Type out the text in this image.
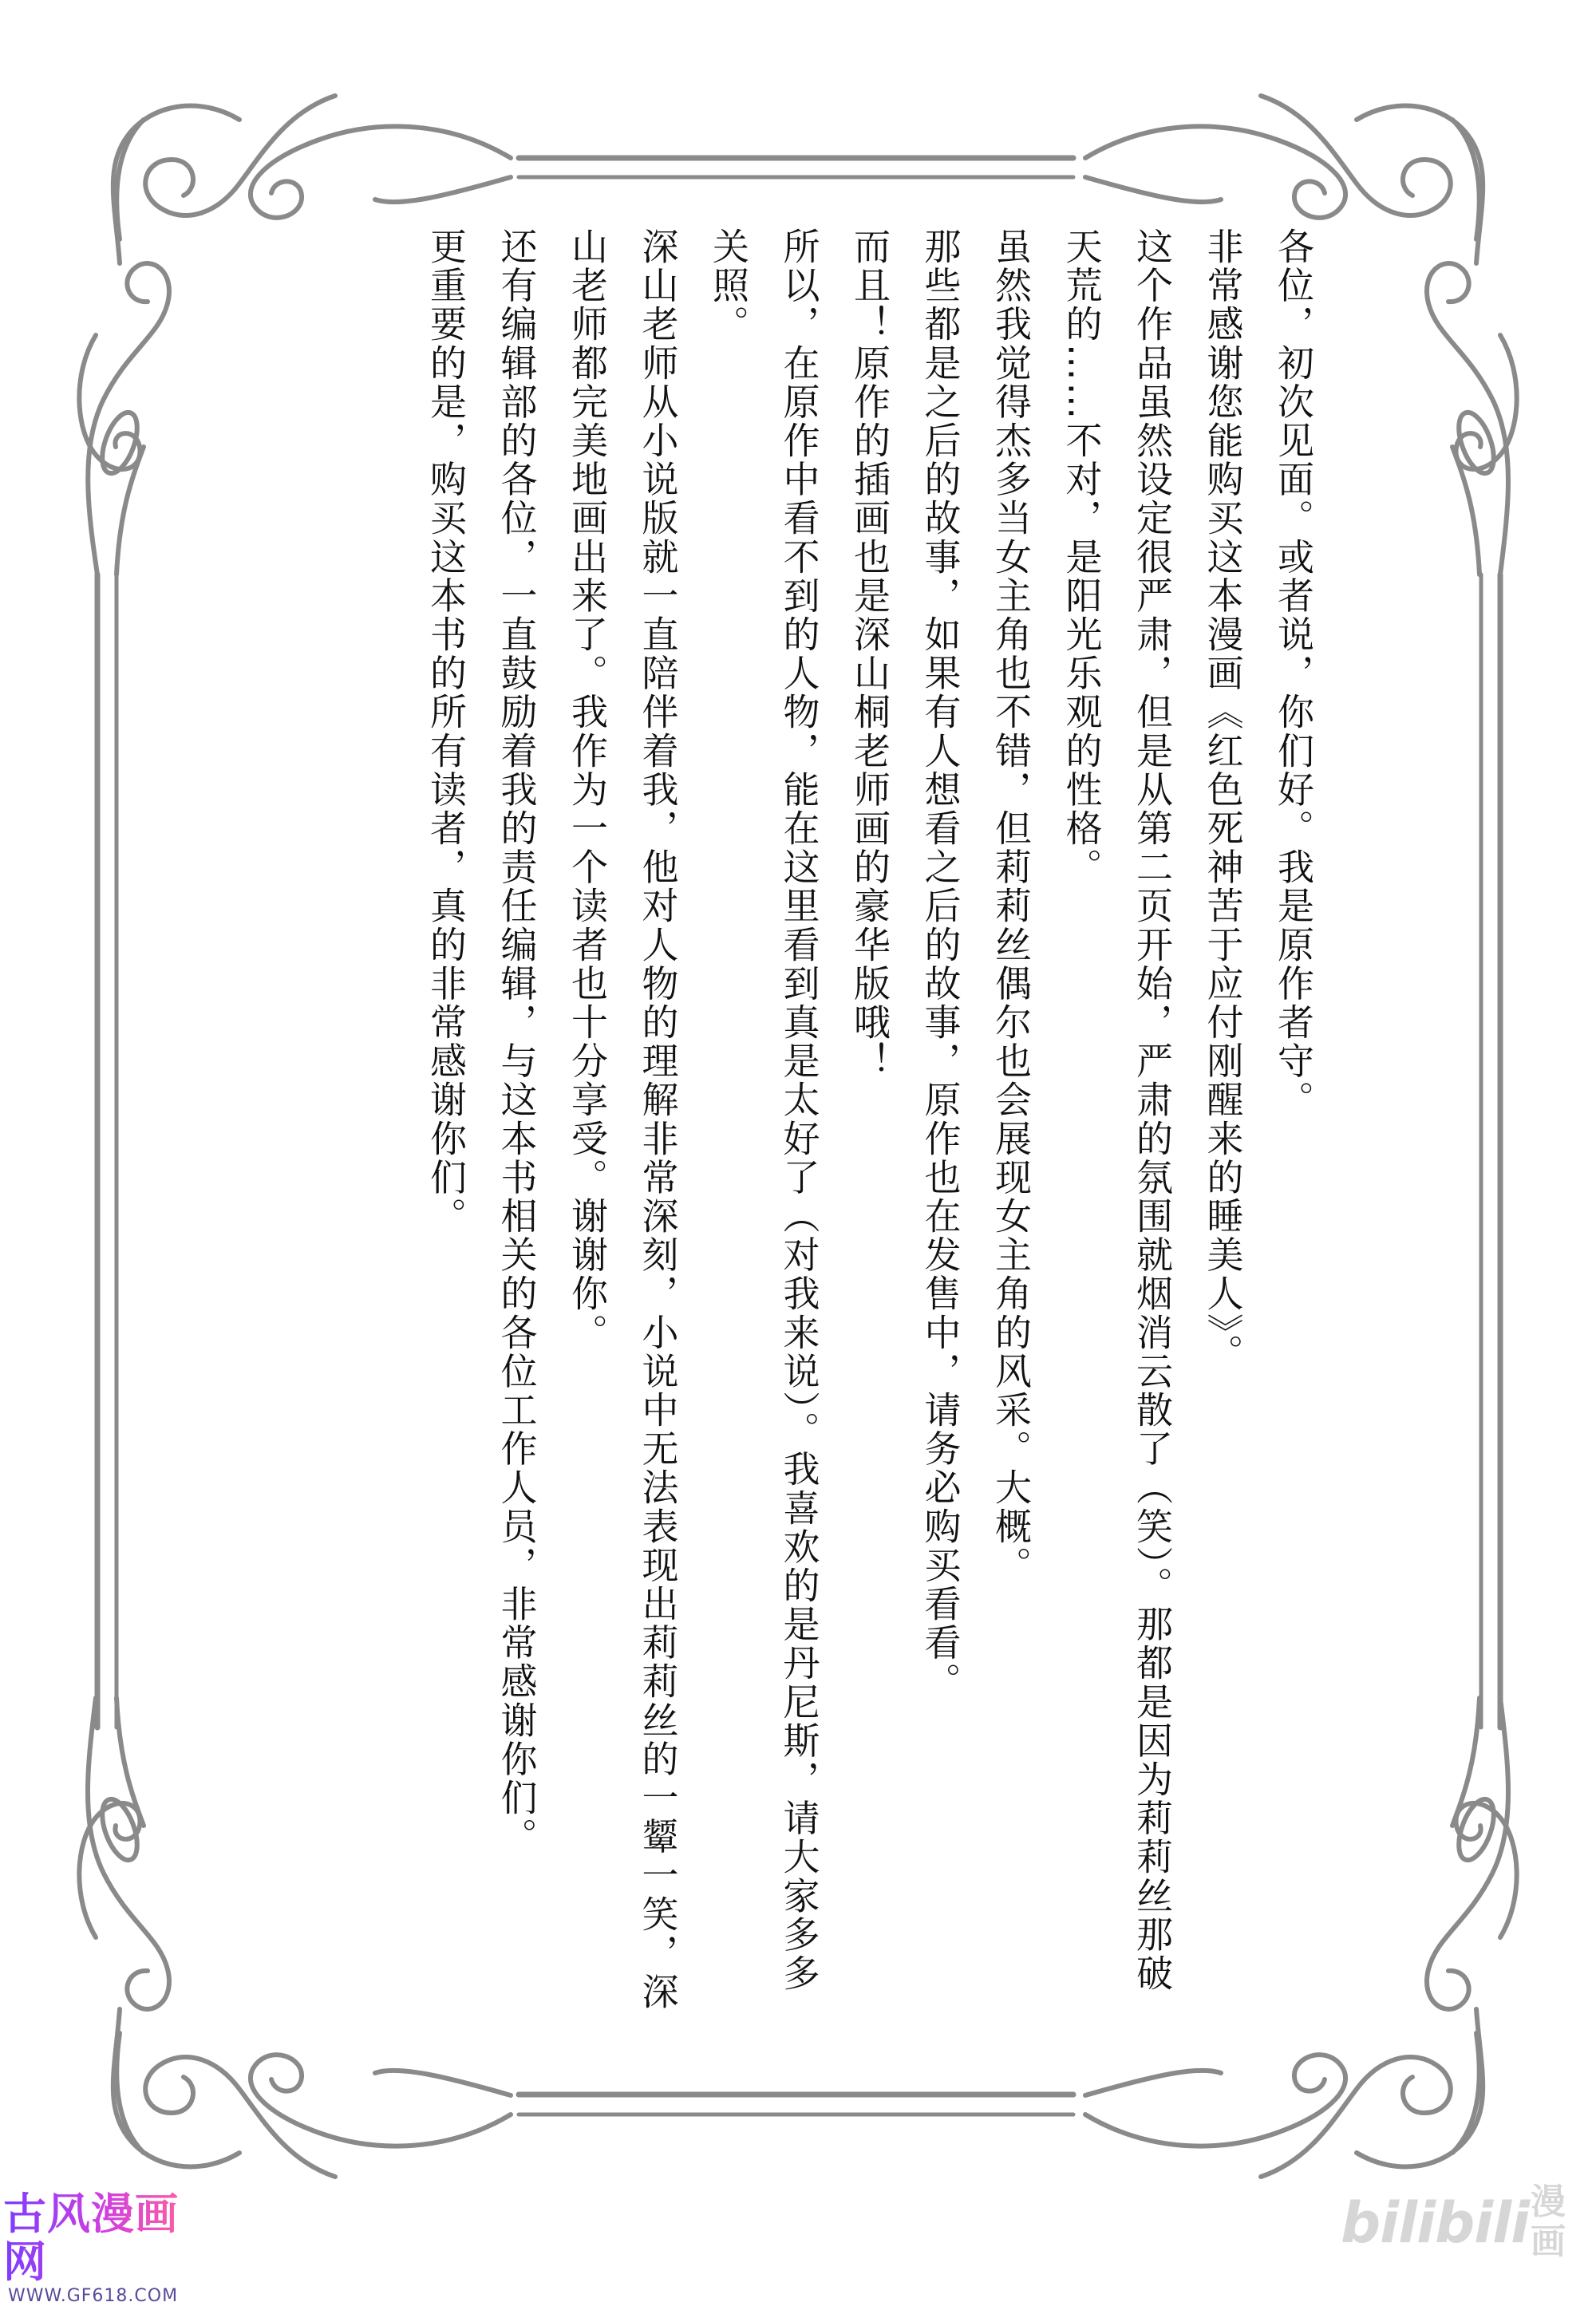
各位，初次见面。或者说，你们好。我是原作者守。

非常感谢您能购买这本漫画《红色死神苦于应付刚醒来的睡美人》。

这个作品虽然设定很严肃，但是从第二页开始，严肃的氛围就烟消云散了（笑）。那都是因为莉莉丝那破天荒的……不对，是阳光乐观的性格。

虽然我觉得杰多当女主角也不错，但莉莉丝偶尔也会展现女主角的风采。大概。

那些都是之后的故事，如果有人想看之后的故事，原作也在发售中，请务必购买看看。

而且！原作的插画也是深山桐老师画的豪华版哦！

所以，在原作中看不到的人物，能在这里看到真是太好了（对我来说）。我喜欢的是丹尼斯，请大家多多关照。

深山老师从小说版就一直陪伴着我，他对人物的理解非常深刻，小说中无法表现出莉莉丝的一颦一笑，深山老师都完美地画出来了。我作为一个读者也十分享受。谢谢你。

还有编辑部的各位，一直鼓励着我的责任编辑，与这本书相关的各位工作人员，非常感谢你们。

更重要的是，购买这本书的所有读者，真的非常感谢你们。

古风漫画网
WWW.GF618.COM
bilibili 漫
画
